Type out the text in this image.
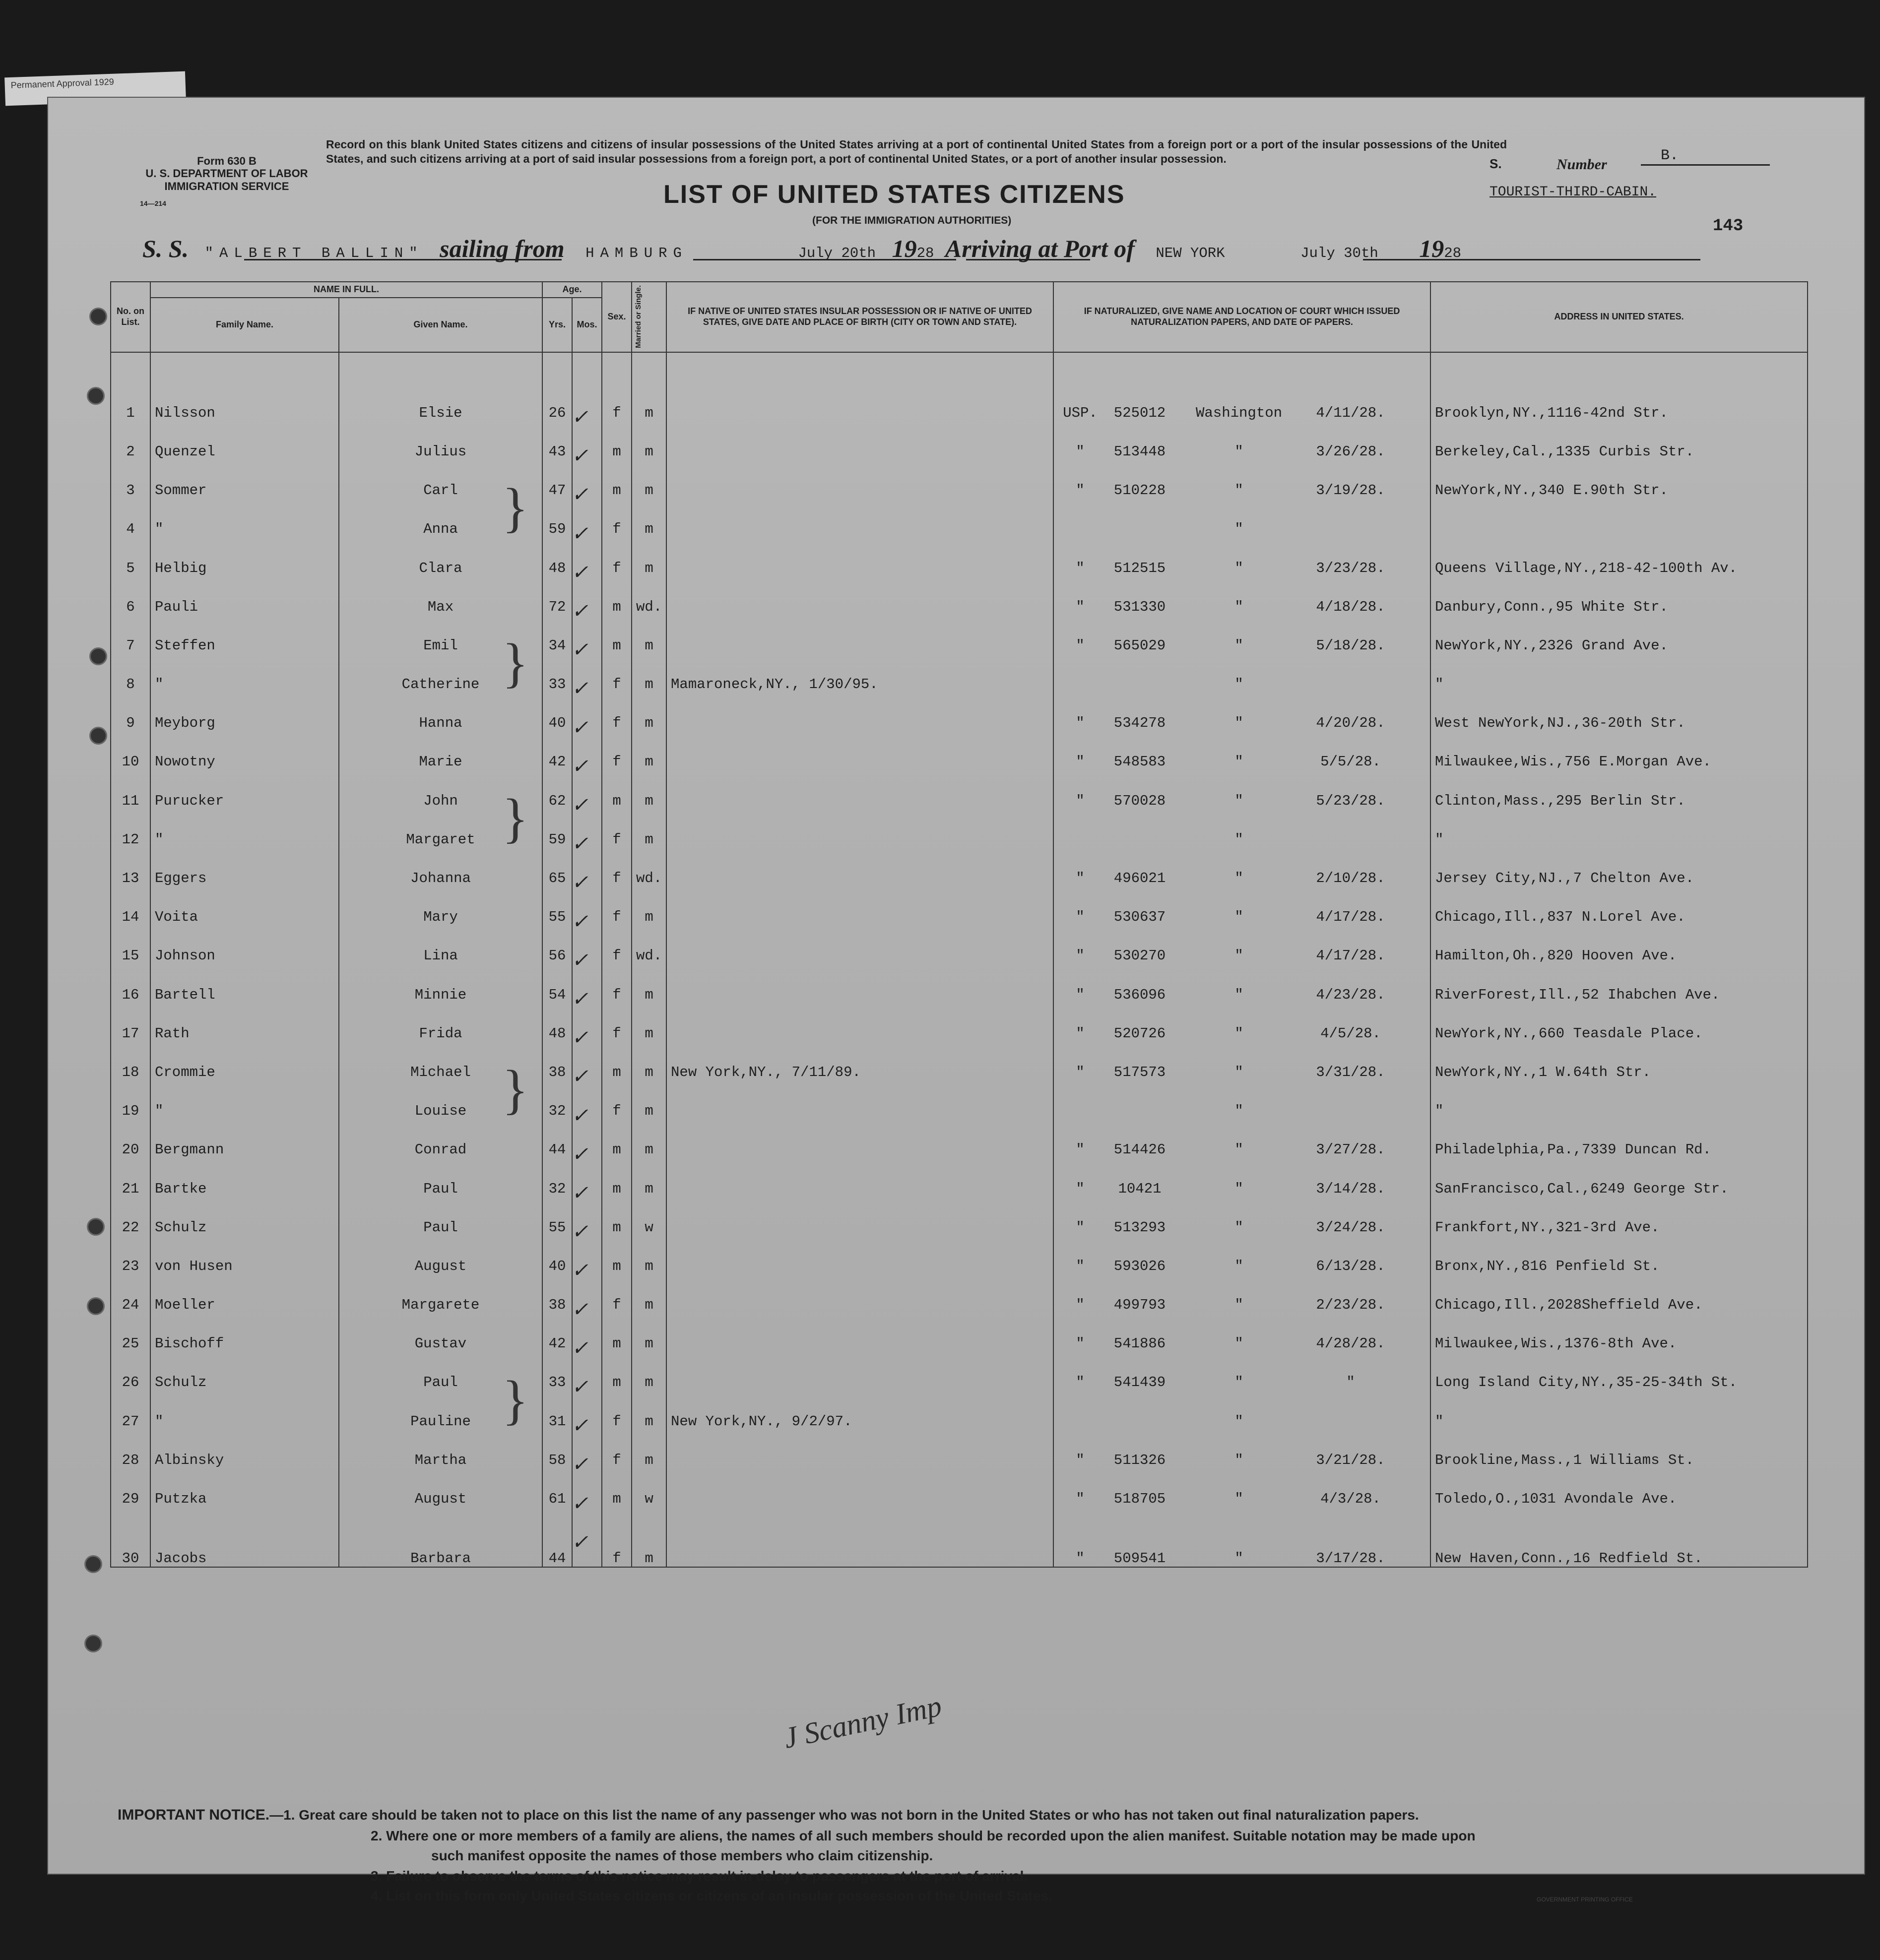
Permanent Approval 1929
Form 630 B
U. S. DEPARTMENT OF LABOR
IMMIGRATION SERVICE
14—214
Record on this blank United States citizens and citizens of insular possessions of the United States arriving at a port of continental United States from a foreign port or a port of the insular possessions of the United States, and such citizens arriving at a port of said insular possessions from a foreign port, a port of continental United States, or a port of another insular possession.	S.	Number
B.
LIST OF UNITED STATES CITIZENS
(FOR THE IMMIGRATION AUTHORITIES)
TOURIST-THIRD-CABIN.
143
S. S. "ALBERT BALLIN" sailing from HAMBURG	July 20th 1928 Arriving at Port of NEW YORK	July 30th 1928
No. on List.	NAME IN FULL.		Age.		Sex.	Married or Single.	IF NATIVE OF UNITED STATES INSULAR POSSESSION OR IF NATIVE OF UNITED STATES, GIVE DATE AND PLACE OF BIRTH (CITY OR TOWN AND STATE).	IF NATURALIZED, GIVE NAME AND LOCATION OF COURT WHICH ISSUED NATURALIZATION PAPERS, AND DATE OF PAPERS.	ADDRESS IN UNITED STATES.
	Family Name.	Given Name.	Yrs.	Mos.					

1	Nilsson	Elsie	26		f	m		USP. 525012 Washington 4/11/28.	Brooklyn,NY.,1116-42nd Str.
2	Quenzel	Julius	43		m	m		" 513448 " 3/26/28.	Berkeley,Cal.,1335 Curbis Str.
3	Sommer	Carl	47		m	m		" 510228 " 3/19/28.	NewYork,NY.,340 E.90th Str.
4	"	Anna	59		f	m		"	
5	Helbig	Clara	48		f	m		" 512515 " 3/23/28.	Queens Village,NY.,218-42-100th Av.
6	Pauli	Max	72		m	wd.		" 531330 " 4/18/28.	Danbury,Conn.,95 White Str.
7	Steffen	Emil	34		m	m		" 565029 " 5/18/28.	NewYork,NY.,2326 Grand Ave.
8	"	Catherine	33		f	m	Mamaroneck,NY., 1/30/95.	"	"
9	Meyborg	Hanna	40		f	m		" 534278 " 4/20/28.	West NewYork,NJ.,36-20th Str.
10	Nowotny	Marie	42		f	m		" 548583 " 5/5/28.	Milwaukee,Wis.,756 E.Morgan Ave.
11	Purucker	John	62		m	m		" 570028 " 5/23/28.	Clinton,Mass.,295 Berlin Str.
12	"	Margaret	59		f	m		"	"
13	Eggers	Johanna	65		f	wd.		" 496021 " 2/10/28.	Jersey City,NJ.,7 Chelton Ave.
14	Voita	Mary	55		f	m		" 530637 " 4/17/28.	Chicago,Ill.,837 N.Lorel Ave.
15	Johnson	Lina	56		f	wd.		" 530270 " 4/17/28.	Hamilton,Oh.,820 Hooven Ave.
16	Bartell	Minnie	54		f	m		" 536096 " 4/23/28.	RiverForest,Ill.,52 Ihabchen Ave.
17	Rath	Frida	48		f	m		" 520726 " 4/5/28.	NewYork,NY.,660 Teasdale Place.
18	Crommie	Michael	38		m	m	New York,NY., 7/11/89.	" 517573 " 3/31/28.	NewYork,NY.,1 W.64th Str.
19	"	Louise	32		f	m		"	"
20	Bergmann	Conrad	44		m	m		" 514426 " 3/27/28.	Philadelphia,Pa.,7339 Duncan Rd.
21	Bartke	Paul	32		m	m		" 10421 " 3/14/28.	SanFrancisco,Cal.,6249 George Str.
22	Schulz	Paul	55		m	w		" 513293 " 3/24/28.	Frankfort,NY.,321-3rd Ave.
23	von Husen	August	40		m	m		" 593026 " 6/13/28.	Bronx,NY.,816 Penfield St.
24	Moeller	Margarete	38		f	m		" 499793 " 2/23/28.	Chicago,Ill.,2028Sheffield Ave.
25	Bischoff	Gustav	42		m	m		" 541886 " 4/28/28.	Milwaukee,Wis.,1376-8th Ave.
26	Schulz	Paul	33		m	m		" 541439 " "	Long Island City,NY.,35-25-34th St.
27	"	Pauline	31		f	m	New York,NY., 9/2/97.	"	"
28	Albinsky	Martha	58		f	m		" 511326 " 3/21/28.	Brookline,Mass.,1 Williams St.
29	Putzka	August	61		m	w		" 518705 " 4/3/28.	Toledo,O.,1031 Avondale Ave.
30	Jacobs	Barbara	44		f	m		" 509541 " 3/17/28.	New Haven,Conn.,16 Redfield St.
J Scanny Imp
IMPORTANT NOTICE.—1. Great care should be taken not to place on this list the name of any passenger who was not born in the United States or who has not taken out final naturalization papers.
2. Where one or more members of a family are aliens, the names of all such members should be recorded upon the alien manifest. Suitable notation may be made upon
such manifest opposite the names of those members who claim citizenship.
3. Failure to observe the terms of this notice may result in delay to passengers at the port of arrival.
4. List on this form only United States citizens or citizens of an insular possession of the United States.	GOVERNMENT PRINTING OFFICE
✓
✓
✓
✓
✓
✓
✓
✓
✓
✓
✓
✓
✓
✓
✓
✓
✓
✓
✓
✓
✓
✓
✓
✓
✓
✓
✓
✓
✓
✓
}
}
}
}
}
